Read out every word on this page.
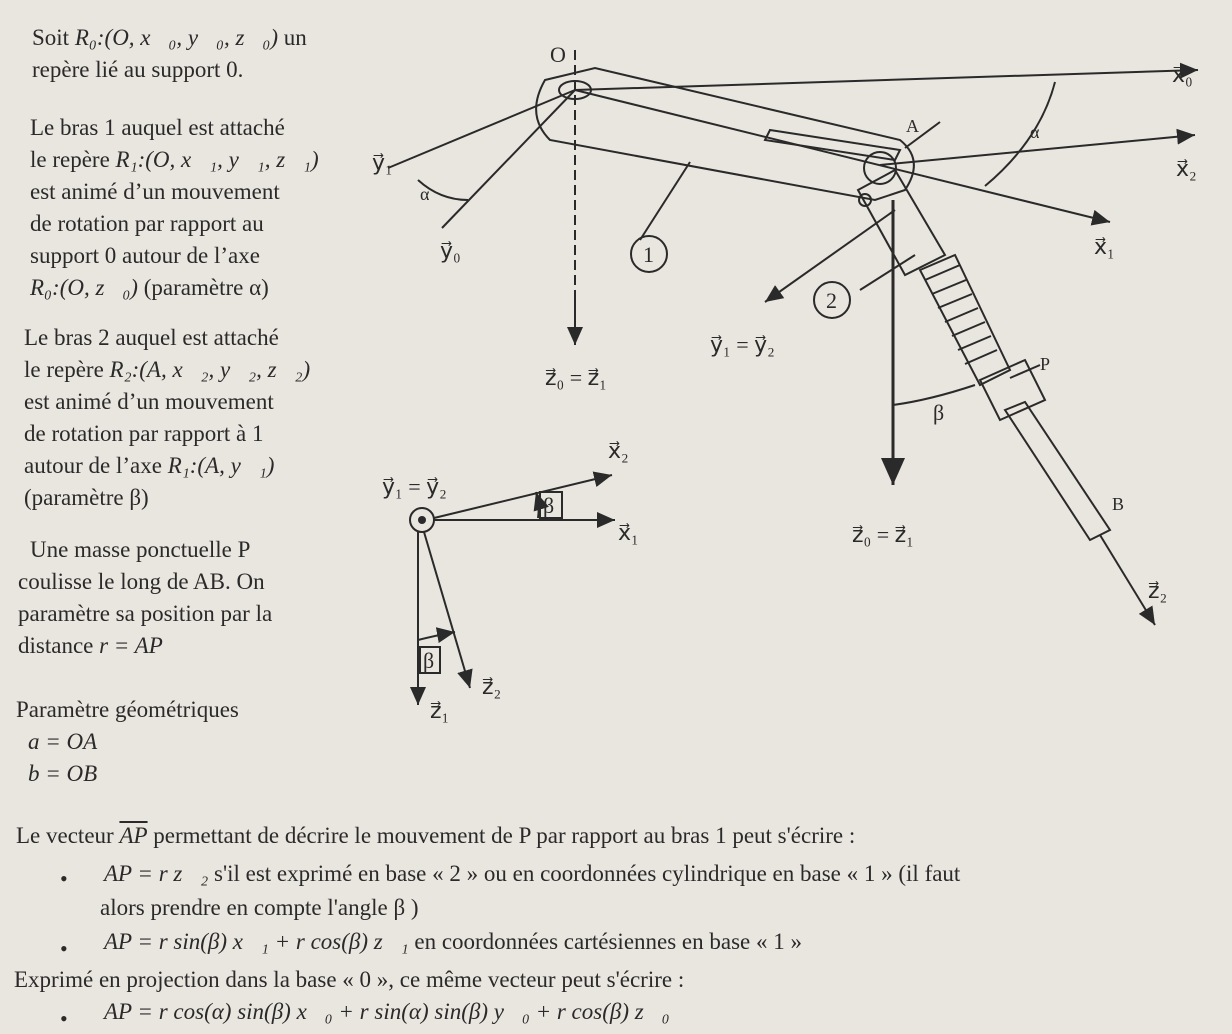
Soit R₀:(O, x⃗₀, y⃗₀, z⃗₀) un

repère lié au support 0.

Le bras 1 auquel est attaché

le repère R₁:(O, x⃗₁, y⃗₁, z⃗₁)

est animé d’un mouvement

de rotation par rapport au

support 0 autour de l’axe

R₀:(O, z⃗₀) (paramètre α)

Le bras 2 auquel est attaché

le repère R₂:(A, x⃗₂, y⃗₂, z⃗₂)

est animé d’un mouvement

de rotation par rapport à 1

autour de l’axe R₁:(A, y⃗₁)

(paramètre β)

Une masse ponctuelle P

coulisse le long de AB. On

paramètre sa position par la

distance r = AP

Paramètre géométriques

a = OA

b = OB

O
x⃗₀
x⃗₂
y⃗₁
α
y⃗₀
A	α
x⃗₁
1
2
y⃗₁ = y⃗₂
z⃗₀ = z⃗₁
P
β
z⃗₀ = z⃗₁
B
z⃗₂
x⃗₂
y⃗₁ = y⃗₂
β
x⃗₁
β
z⃗₂
z⃗₁
Le vecteur $\overline{AP}$ permettant de décrire le mouvement de P par rapport au bras 1 peut s'écrire :
• AP = r z⃗₂ s'il est exprimé en base « 2 » ou en coordonnées cylindrique en base « 1 » (il faut
alors prendre en compte l'angle β )
• AP = r sin(β) x⃗₁ + r cos(β) z⃗₁ en coordonnées cartésiennes en base « 1 »
Exprimé en projection dans la base « 0 », ce même vecteur peut s'écrire :
• AP = r cos(α) sin(β) x⃗₀ + r sin(α) sin(β) y⃗₀ + r cos(β) z⃗₀
